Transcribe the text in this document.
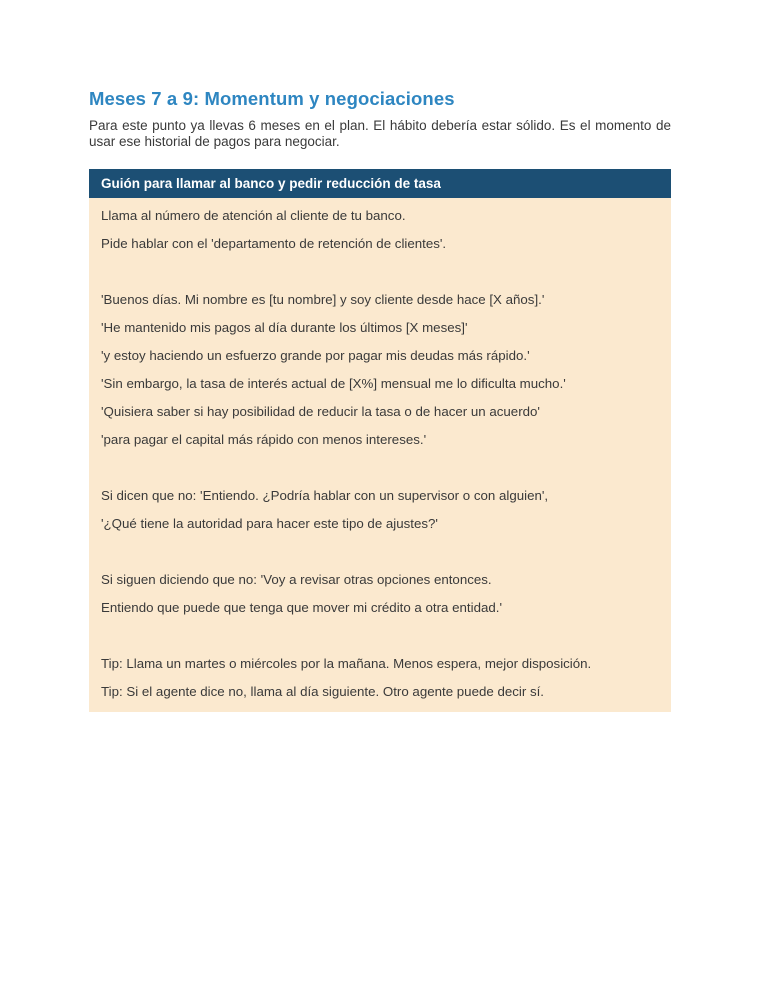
Meses 7 a 9: Momentum y negociaciones

Para este punto ya llevas 6 meses en el plan. El hábito debería estar sólido. Es el momento de usar ese historial de pagos para negociar.

Guión para llamar al banco y pedir reducción de tasa
Llama al número de atención al cliente de tu banco.
Pide hablar con el 'departamento de retención de clientes'.
'Buenos días. Mi nombre es [tu nombre] y soy cliente desde hace [X años].'
'He mantenido mis pagos al día durante los últimos [X meses]'
'y estoy haciendo un esfuerzo grande por pagar mis deudas más rápido.'
'Sin embargo, la tasa de interés actual de [X%] mensual me lo dificulta mucho.'
'Quisiera saber si hay posibilidad de reducir la tasa o de hacer un acuerdo'
'para pagar el capital más rápido con menos intereses.'
Si dicen que no: 'Entiendo. ¿Podría hablar con un supervisor o con alguien',
'¿Qué tiene la autoridad para hacer este tipo de ajustes?'
Si siguen diciendo que no: 'Voy a revisar otras opciones entonces.
Entiendo que puede que tenga que mover mi crédito a otra entidad.'
Tip: Llama un martes o miércoles por la mañana. Menos espera, mejor disposición.
Tip: Si el agente dice no, llama al día siguiente. Otro agente puede decir sí.
